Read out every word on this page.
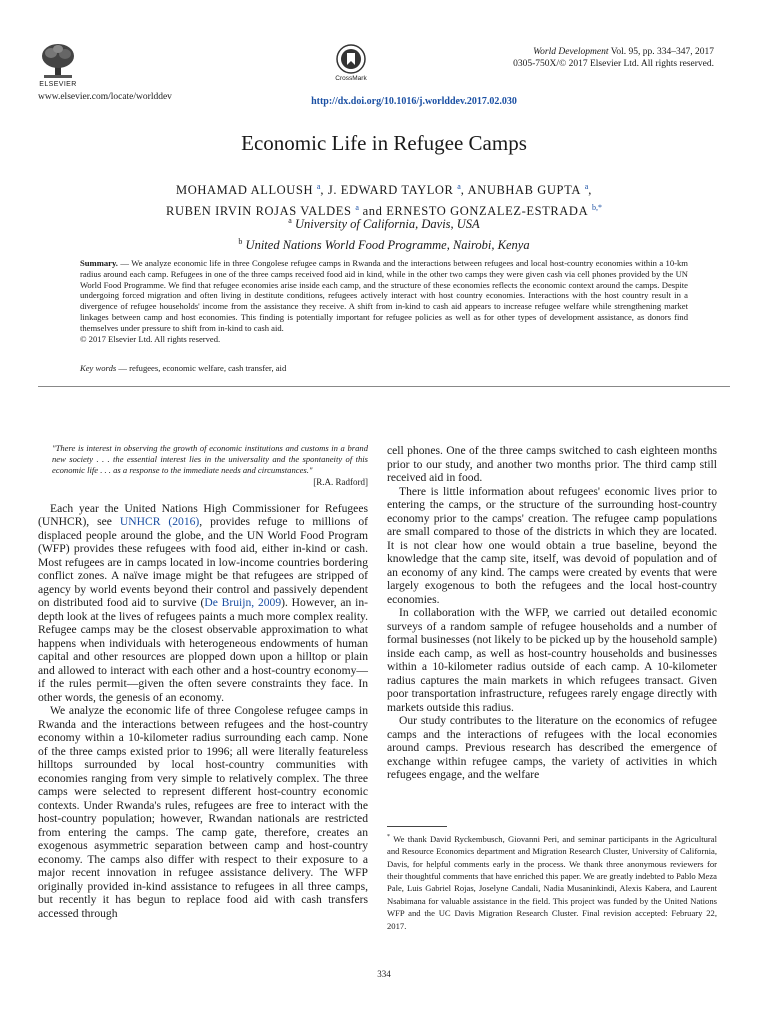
ELSEVIER
www.elsevier.com/locate/worlddev
CrossMark
World Development Vol. 95, pp. 334–347, 2017
0305-750X/© 2017 Elsevier Ltd. All rights reserved.
http://dx.doi.org/10.1016/j.worlddev.2017.02.030
Economic Life in Refugee Camps
MOHAMAD ALLOUSH $^a$, J. EDWARD TAYLOR $^a$, ANUBHAB GUPTA $^a$,
RUBEN IRVIN ROJAS VALDES $^a$ and ERNESTO GONZALEZ-ESTRADA $^{b,*}$
$^a$ University of California, Davis, USA
$^b$ United Nations World Food Programme, Nairobi, Kenya

Summary. — We analyze economic life in three Congolese refugee camps in Rwanda and the interactions between refugees and local host-country economies within a 10-km radius around each camp. Refugees in one of the three camps received food aid in kind, while in the other two camps they were given cash via cell phones provided by the UN World Food Programme. We find that refugee economies arise inside each camp, and the structure of these economies reflects the economic context around the camps. Despite undergoing forced migration and often living in destitute conditions, refugees actively interact with host country economies. Interactions with the host country result in a divergence of refugee households' income from the assistance they receive. A shift from in-kind to cash aid appears to increase refugee welfare while strengthening market linkages between camp and host economies. This finding is potentially important for refugee policies as well as for other types of development assistance, as donors find themselves under pressure to shift from in-kind to cash aid.

© 2017 Elsevier Ltd. All rights reserved.

Key words — refugees, economic welfare, cash transfer, aid

"There is interest in observing the growth of economic institutions and customs in a brand new society . . . the essential interest lies in the universality and the spontaneity of this economic life . . . as a response to the immediate needs and circumstances."

[R.A. Radford]

Each year the United Nations High Commissioner for Refugees (UNHCR), see UNHCR (2016), provides refuge to millions of displaced people around the globe, and the UN World Food Program (WFP) provides these refugees with food aid, either in-kind or cash. Most refugees are in camps located in low-income countries bordering conflict zones. A naïve image might be that refugees are stripped of agency by world events beyond their control and passively dependent on distributed food aid to survive (De Bruijn, 2009). However, an in-depth look at the lives of refugees paints a much more complex reality. Refugee camps may be the closest observable approximation to what happens when individuals with heterogeneous endowments of human capital and other resources are plopped down upon a hilltop or plain and allowed to interact with each other and a host-country economy—if the rules permit—given the often severe constraints they face. In other words, the genesis of an economy.

We analyze the economic life of three Congolese refugee camps in Rwanda and the interactions between refugees and the host-country economy within a 10-kilometer radius surrounding each camp. None of the three camps existed prior to 1996; all were literally featureless hilltops surrounded by local host-country communities with economies ranging from very simple to relatively complex. The three camps were selected to represent different host-country economic contexts. Under Rwanda's rules, refugees are free to interact with the host-country population; however, Rwandan nationals are restricted from entering the camps. The camp gate, therefore, creates an exogenous asymmetric separation between camp and host-country economy. The camps also differ with respect to their exposure to a major recent innovation in refugee assistance delivery. The WFP originally provided in-kind assistance to refugees in all three camps, but recently it has begun to replace food aid with cash transfers accessed through

cell phones. One of the three camps switched to cash eighteen months prior to our study, and another two months prior. The third camp still received aid in food.

There is little information about refugees' economic lives prior to entering the camps, or the structure of the surrounding host-country economy prior to the camps' creation. The refugee camp populations are small compared to those of the districts in which they are located. It is not clear how one would obtain a true baseline, beyond the knowledge that the camp site, itself, was devoid of population and of an economy of any kind. The camps were created by events that were largely exogenous to both the refugees and the local host-country economies.

In collaboration with the WFP, we carried out detailed economic surveys of a random sample of refugee households and a number of formal businesses (not likely to be picked up by the household sample) inside each camp, as well as host-country households and businesses within a 10-kilometer radius outside of each camp. A 10-kilometer radius captures the main markets in which refugees transact. Given poor transportation infrastructure, refugees rarely engage directly with markets outside this radius.

Our study contributes to the literature on the economics of refugee camps and the interactions of refugees with the local economies around camps. Previous research has described the emergence of exchange within refugee camps, the variety of activities in which refugees engage, and the welfare

* We thank David Ryckembusch, Giovanni Peri, and seminar participants in the Agricultural and Resource Economics department and Migration Research Cluster, University of California, Davis, for helpful comments early in the process. We thank three anonymous reviewers for their thoughtful comments that have enriched this paper. We are greatly indebted to Pablo Meza Pale, Luis Gabriel Rojas, Joselyne Candali, Nadia Musaninkindi, Alexis Kabera, and Laurent Nsabimana for valuable assistance in the field. This project was funded by the United Nations WFP and the UC Davis Migration Research Cluster. Final revision accepted: February 22, 2017.
334
